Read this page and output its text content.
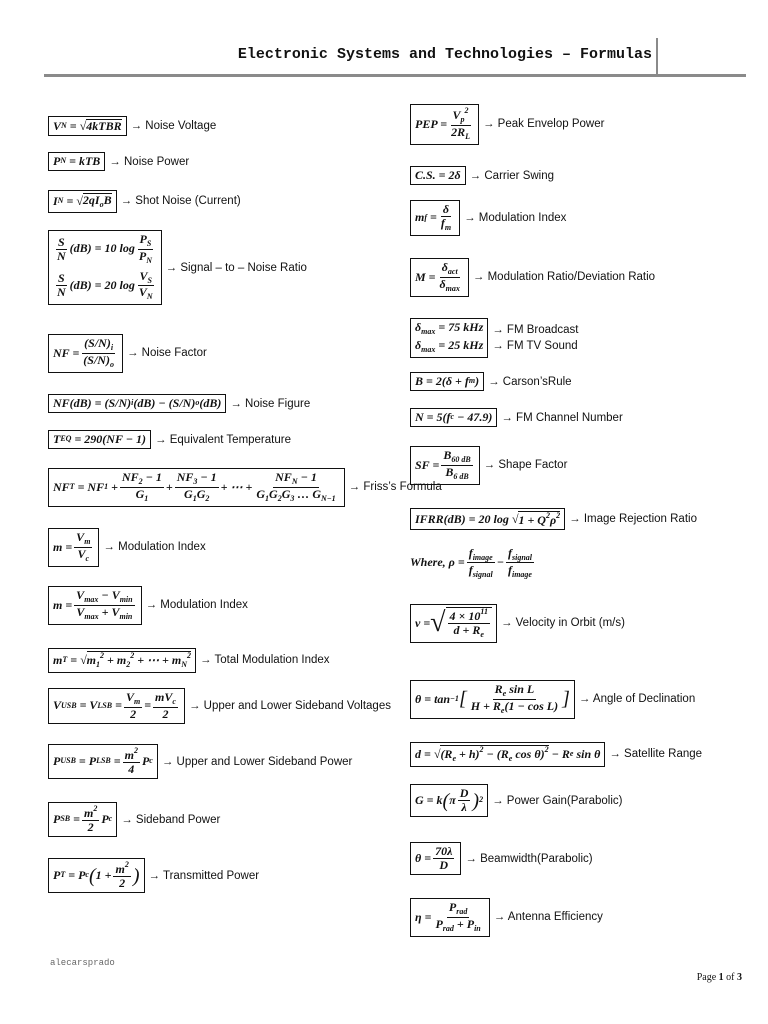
Electronic Systems and Technologies – Formulas
V N = √ 4kTBR → Noise Voltage
P N = kTB → Noise Power
I N = √ $2qI_oB$ → Shot Noise (Current)
$\frac{S}{N} (dB) = 10$ $\log \frac{P_S}{P_N}$
$\frac{S}{N} (dB) = 20$ $\log \frac{V_S}{V_N}$
→ Signal – to – Noise Ratio
NF =
$(S/N)_i$
$(S/N)_o$
→ Noise Factor
NF(dB) = (S/N) i (dB) − (S/N) o (dB) → Noise Figure
T EQ = 290(NF − 1) → Equivalent Temperature
NF T = NF 1 +
$NF_2 - 1$
$G_1$
+
$NF_3 - 1$
$G_1G_2$
+ ⋯ +
$NF_N - 1$
$G_1G_2G_3$ … $G_{N-1}$
→ Friss’s Formula
m =
$V_m$
$V_c$
→ Modulation Index
m =
$V_{max} - V_{min}$
$V_{max} + V_{min}$
→ Modulation Index
m T = √ $m_1^2 + m_2^2$ + ⋯ + $m_N^2$ → Total Modulation Index
V USB = V LSB =
$V_m$
2
=
$mV_c$
2
→ Upper and Lower Sideband Voltages
P USB = P LSB = $m^2$
4
P c → Upper and Lower Sideband Power
P SB = $m^2$
2
P c → Sideband Power
P T = P c ( $1 + m^2$
2 ) → Transmitted Power
PEP =
$V_p^2$
$2R_L$
→ Peak Envelop Power
C.S. = 2δ → Carrier Swing
m f =
δ
$f_m$
→ Modulation Index
M =
$\delta_{act}$
$\delta_{max}$
→ Modulation Ratio/Deviation Ratio
$\delta_{max} = 75$ kHz
$\delta_{max} = 25$ kHz
→ FM Broadcast
→ FM TV Sound
B = 2(δ + f m ) → Carson’sRule
N = 5(f c − 47.9) → FM Channel Number
SF =
$B_{60 dB}$
$B_{6 dB}$
→ Shape Factor
IFRR(dB) = 20 log √ $1 + Q^2\rho^2$ → Image Rejection Ratio
Where, ρ =
$f_{image}$
$f_{signal}$
−
$f_{signal}$
$f_{image}$
v = √ $4 \times 10^{11}$
$d + R_e$
→ Velocity in Orbit (m/s)
θ = tan −1 [ $R_e$ sin L
$H + R_e(1 - \cos L)$ ] → Angle of Declination
d = √ $(R_e + h)^2 - (R_e$ cos θ)$^2$ − R e sin θ → Satellite Range
G = k ( π
D
λ ) 2 → Power Gain(Parabolic)
θ =
70λ
D → Beamwidth(Parabolic)
η =
$P_{rad}$
$P_{rad} + P_{in}$
→ Antenna Efficiency
alecarsprado
Page 1 of 3
